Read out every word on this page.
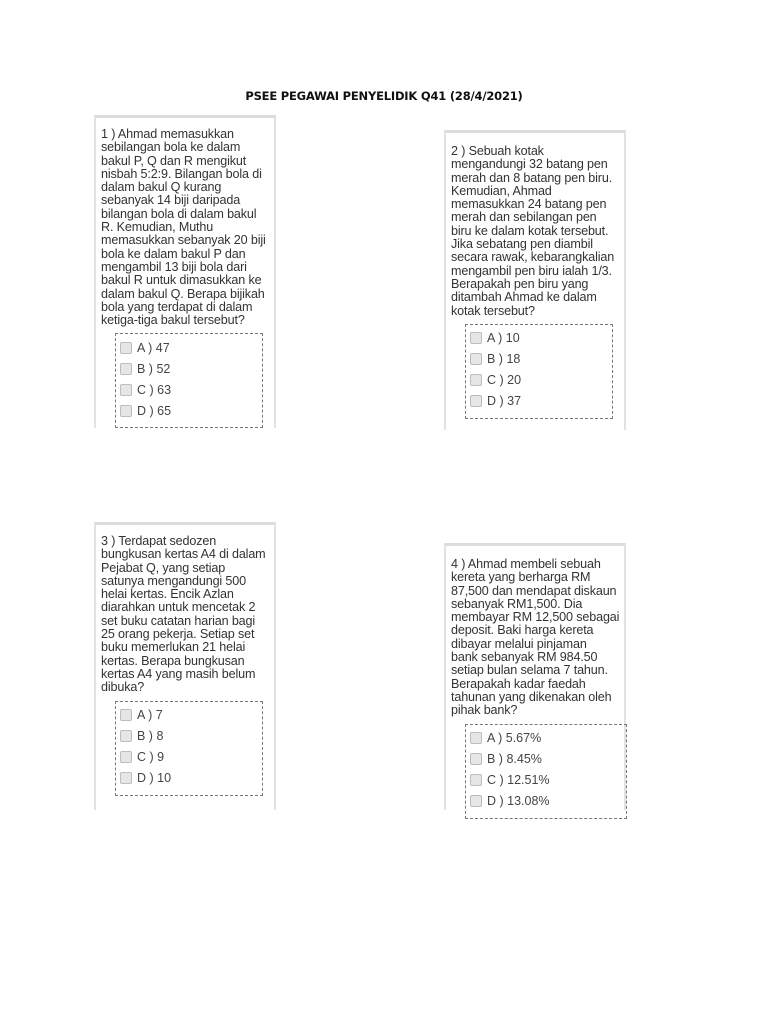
PSEE PEGAWAI PENYELIDIK Q41 (28/4/2021)
1 ) Ahmad memasukkan
sebilangan bola ke dalam
bakul P, Q dan R mengikut
nisbah 5:2:9. Bilangan bola di
dalam bakul Q kurang
sebanyak 14 biji daripada
bilangan bola di dalam bakul
R. Kemudian, Muthu
memasukkan sebanyak 20 biji
bola ke dalam bakul P dan
mengambil 13 biji bola dari
bakul R untuk dimasukkan ke
dalam bakul Q. Berapa bijikah
bola yang terdapat di dalam
ketiga-tiga bakul tersebut?
A ) 47
B ) 52
C ) 63
D ) 65
2 ) Sebuah kotak
mengandungi 32 batang pen
merah dan 8 batang pen biru.
Kemudian, Ahmad
memasukkan 24 batang pen
merah dan sebilangan pen
biru ke dalam kotak tersebut.
Jika sebatang pen diambil
secara rawak, kebarangkalian
mengambil pen biru ialah 1/3.
Berapakah pen biru yang
ditambah Ahmad ke dalam
kotak tersebut?
A ) 10
B ) 18
C ) 20
D ) 37
3 ) Terdapat sedozen
bungkusan kertas A4 di dalam
Pejabat Q, yang setiap
satunya mengandungi 500
helai kertas. Encik Azlan
diarahkan untuk mencetak 2
set buku catatan harian bagi
25 orang pekerja. Setiap set
buku memerlukan 21 helai
kertas. Berapa bungkusan
kertas A4 yang masih belum
dibuka?
A ) 7
B ) 8
C ) 9
D ) 10
4 ) Ahmad membeli sebuah
kereta yang berharga RM
87,500 dan mendapat diskaun
sebanyak RM1,500. Dia
membayar RM 12,500 sebagai
deposit. Baki harga kereta
dibayar melalui pinjaman
bank sebanyak RM 984.50
setiap bulan selama 7 tahun.
Berapakah kadar faedah
tahunan yang dikenakan oleh
pihak bank?
A ) 5.67%
B ) 8.45%
C ) 12.51%
D ) 13.08%
